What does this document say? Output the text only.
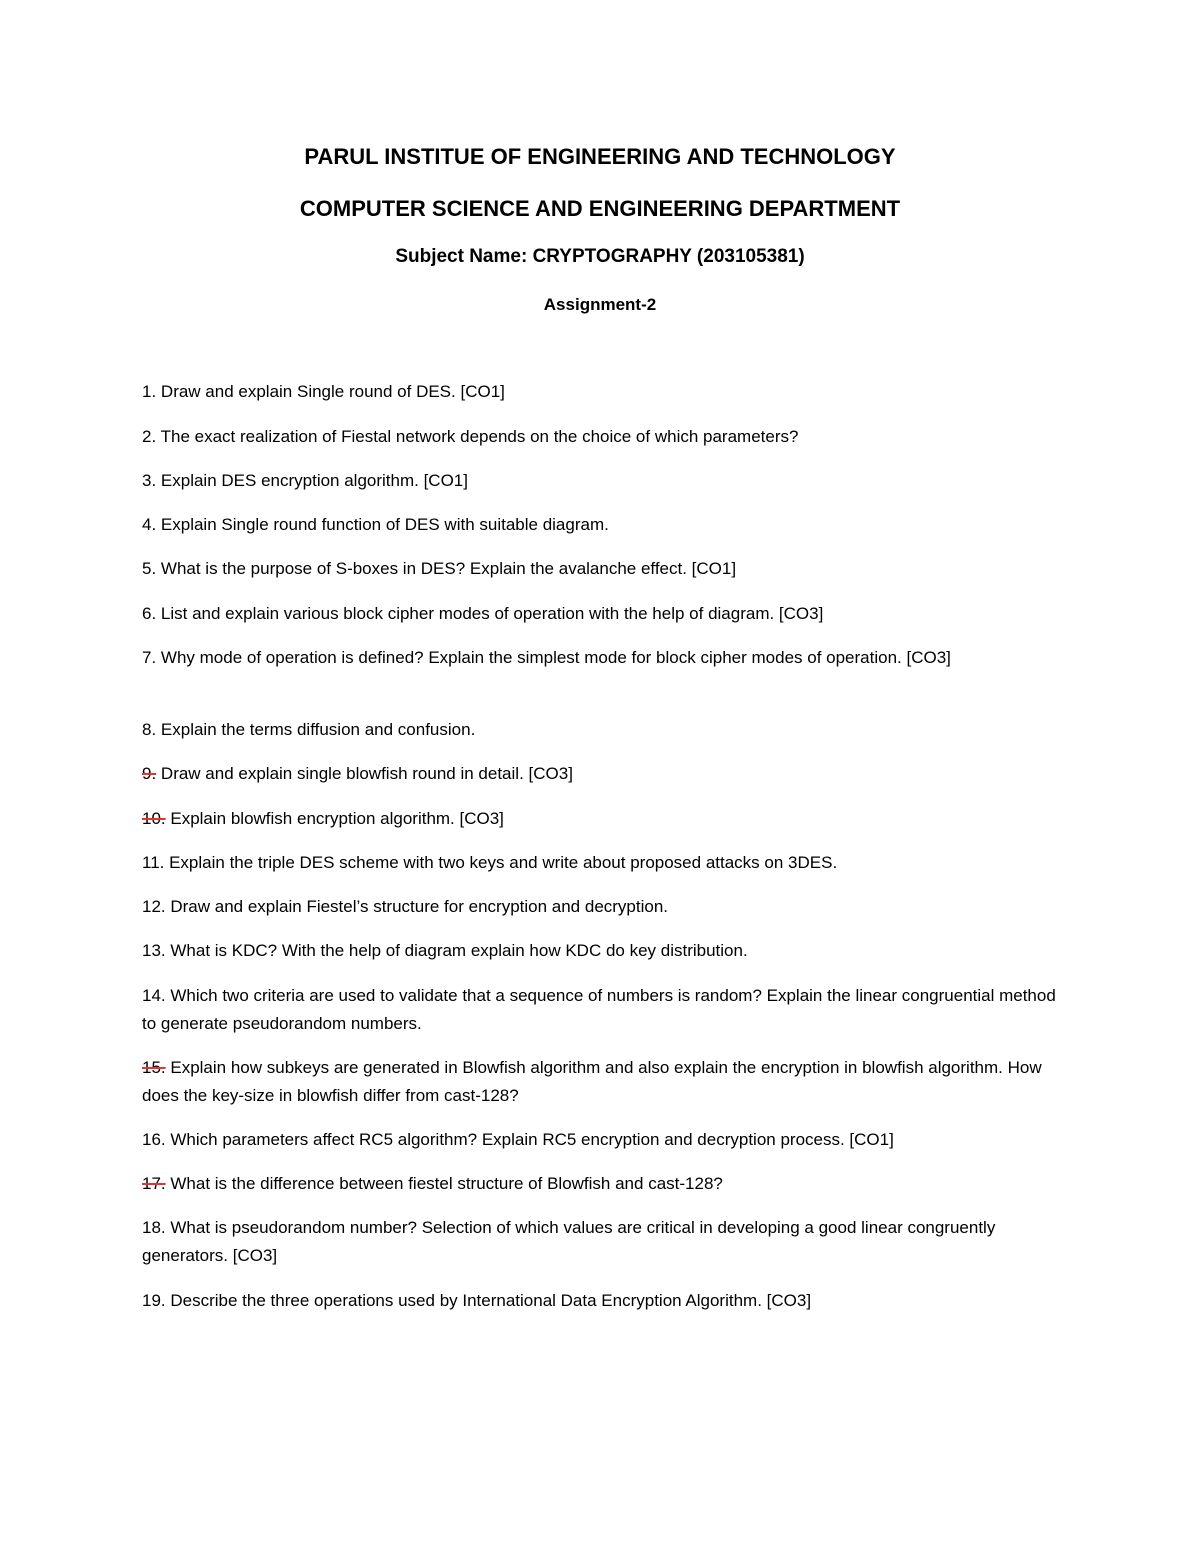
PARUL INSTITUE OF ENGINEERING AND TECHNOLOGY
COMPUTER SCIENCE AND ENGINEERING DEPARTMENT
Subject Name: CRYPTOGRAPHY (203105381)
Assignment-2
1. Draw and explain Single round of DES. [CO1]
2. The exact realization of Fiestal network depends on the choice of which parameters?
3. Explain DES encryption algorithm. [CO1]
4. Explain Single round function of DES with suitable diagram.
5. What is the purpose of S-boxes in DES? Explain the avalanche effect. [CO1]
6. List and explain various block cipher modes of operation with the help of diagram. [CO3]
7. Why mode of operation is defined? Explain the simplest mode for block cipher modes of operation. [CO3]
8. Explain the terms diffusion and confusion.
9. Draw and explain single blowfish round in detail. [CO3]
10. Explain blowfish encryption algorithm. [CO3]
11. Explain the triple DES scheme with two keys and write about proposed attacks on 3DES.
12. Draw and explain Fiestel’s structure for encryption and decryption.
13. What is KDC? With the help of diagram explain how KDC do key distribution.
14. Which two criteria are used to validate that a sequence of numbers is random? Explain the linear congruential method to generate pseudorandom numbers.
15. Explain how subkeys are generated in Blowfish algorithm and also explain the encryption in blowfish algorithm. How does the key-size in blowfish differ from cast-128?
16. Which parameters affect RC5 algorithm? Explain RC5 encryption and decryption process. [CO1]
17. What is the difference between fiestel structure of Blowfish and cast-128?
18. What is pseudorandom number? Selection of which values are critical in developing a good linear congruently generators. [CO3]
19. Describe the three operations used by International Data Encryption Algorithm. [CO3]
